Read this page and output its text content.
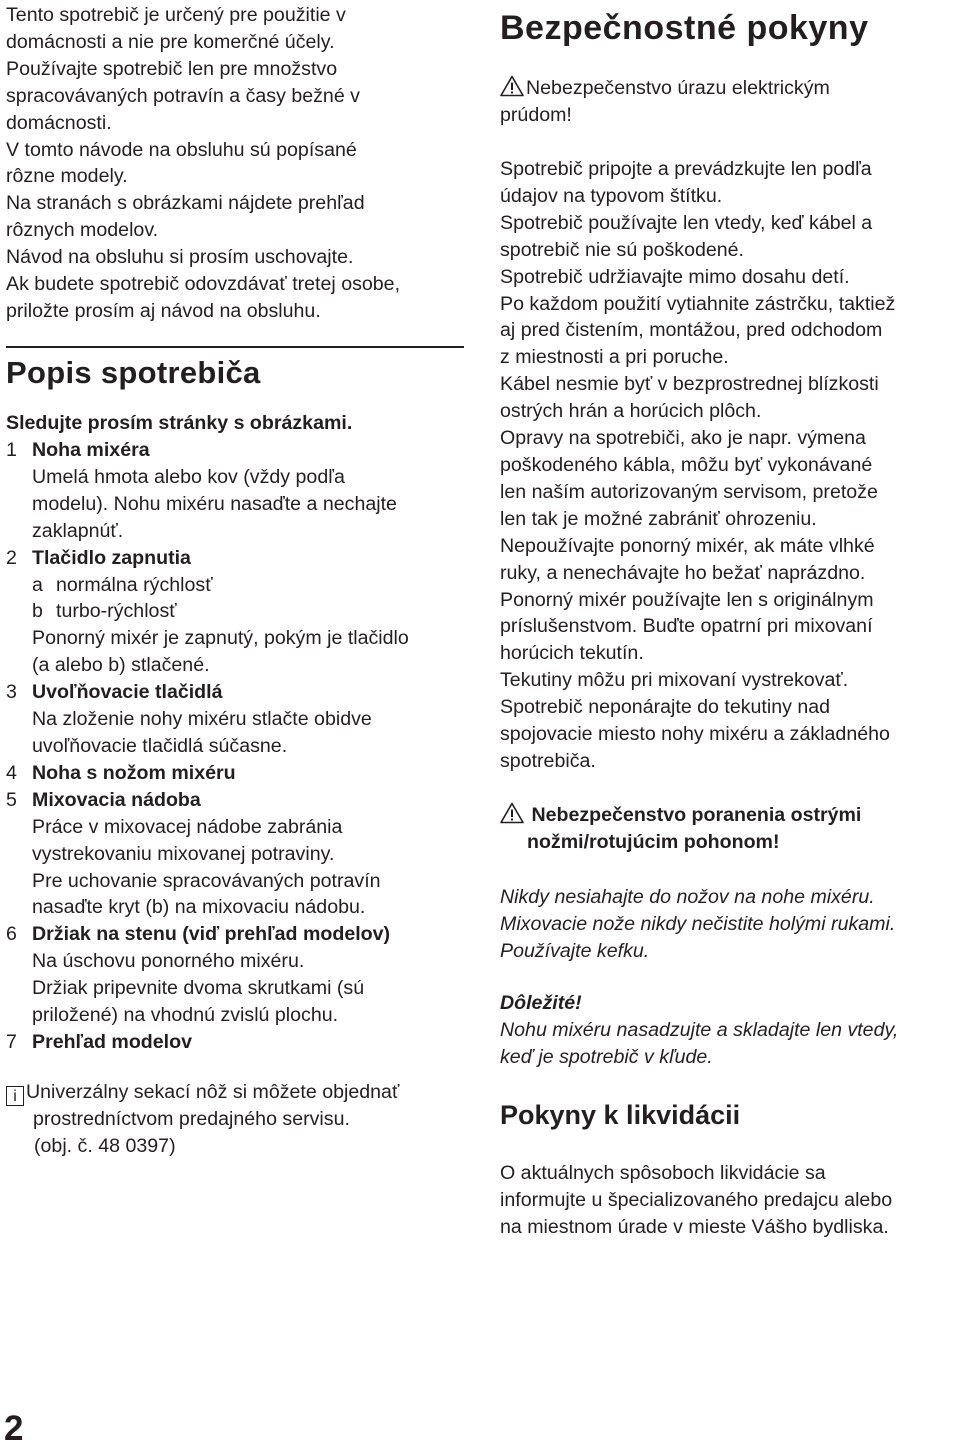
Tento spotrebič je určený pre použitie v

domácnosti a nie pre komerčné účely.

Používajte spotrebič len pre množstvo

spracovávaných potravín a časy bežné v

domácnosti.

V tomto návode na obsluhu sú popísané

rôzne modely.

Na stranách s obrázkami nájdete prehľad

rôznych modelov.

Návod na obsluhu si prosím uschovajte.

Ak budete spotrebič odovzdávať tretej osobe,

priložte prosím aj návod na obsluhu.

Popis spotrebiča

Sledujte prosím stránky s obrázkami.

1 Noha mixéra

Umelá hmota alebo kov (vždy podľa

modelu). Nohu mixéru nasaďte a nechajte

zaklapnúť.

2 Tlačidlo zapnutia

a normálna rýchlosť
b turbo-rýchlosť

Ponorný mixér je zapnutý, pokým je tlačidlo

(a alebo b) stlačené.

3 Uvoľňovacie tlačidlá

Na zloženie nohy mixéru stlačte obidve

uvoľňovacie tlačidlá súčasne.

4 Noha s nožom mixéru

5 Mixovacia nádoba

Práce v mixovacej nádobe zabránia

vystrekovaniu mixovanej potraviny.

Pre uchovanie spracovávaných potravín

nasaďte kryt (b) na mixovaciu nádobu.

6 Držiak na stenu (viď prehľad modelov)

Na úschovu ponorného mixéru.

Držiak pripevnite dvoma skrutkami (sú

priložené) na vhodnú zvislú plochu.

7 Prehľad modelov

i Univerzálny sekací nôž si môžete objednať

prostredníctvom predajného servisu.

(obj. č. 48 0397)

2
Bezpečnostné pokyny

Nebezpečenstvo úrazu elektrickým

prúdom!

Spotrebič pripojte a prevádzkujte len podľa

údajov na typovom štítku.

Spotrebič používajte len vtedy, keď kábel a

spotrebič nie sú poškodené.

Spotrebič udržiavajte mimo dosahu detí.

Po každom použití vytiahnite zástrčku, taktiež

aj pred čistením, montážou, pred odchodom

z miestnosti a pri poruche.

Kábel nesmie byť v bezprostrednej blízkosti

ostrých hrán a horúcich plôch.

Opravy na spotrebiči, ako je napr. výmena

poškodeného kábla, môžu byť vykonávané

len naším autorizovaným servisom, pretože

len tak je možné zabrániť ohrozeniu.

Nepoužívajte ponorný mixér, ak máte vlhké

ruky, a nenechávajte ho bežať naprázdno.

Ponorný mixér používajte len s originálnym

príslušenstvom. Buďte opatrní pri mixovaní

horúcich tekutín.

Tekutiny môžu pri mixovaní vystrekovať.

Spotrebič neponárajte do tekutiny nad

spojovacie miesto nohy mixéru a základného

spotrebiča.

Nebezpečenstvo poranenia ostrými

nožmi/rotujúcim pohonom!

Nikdy nesiahajte do nožov na nohe mixéru.

Mixovacie nože nikdy nečistite holými rukami.

Používajte kefku.

Dôležité!

Nohu mixéru nasadzujte a skladajte len vtedy,

keď je spotrebič v kľude.

Pokyny k likvidácii

O aktuálnych spôsoboch likvidácie sa

informujte u špecializovaného predajcu alebo

na miestnom úrade v mieste Vášho bydliska.
